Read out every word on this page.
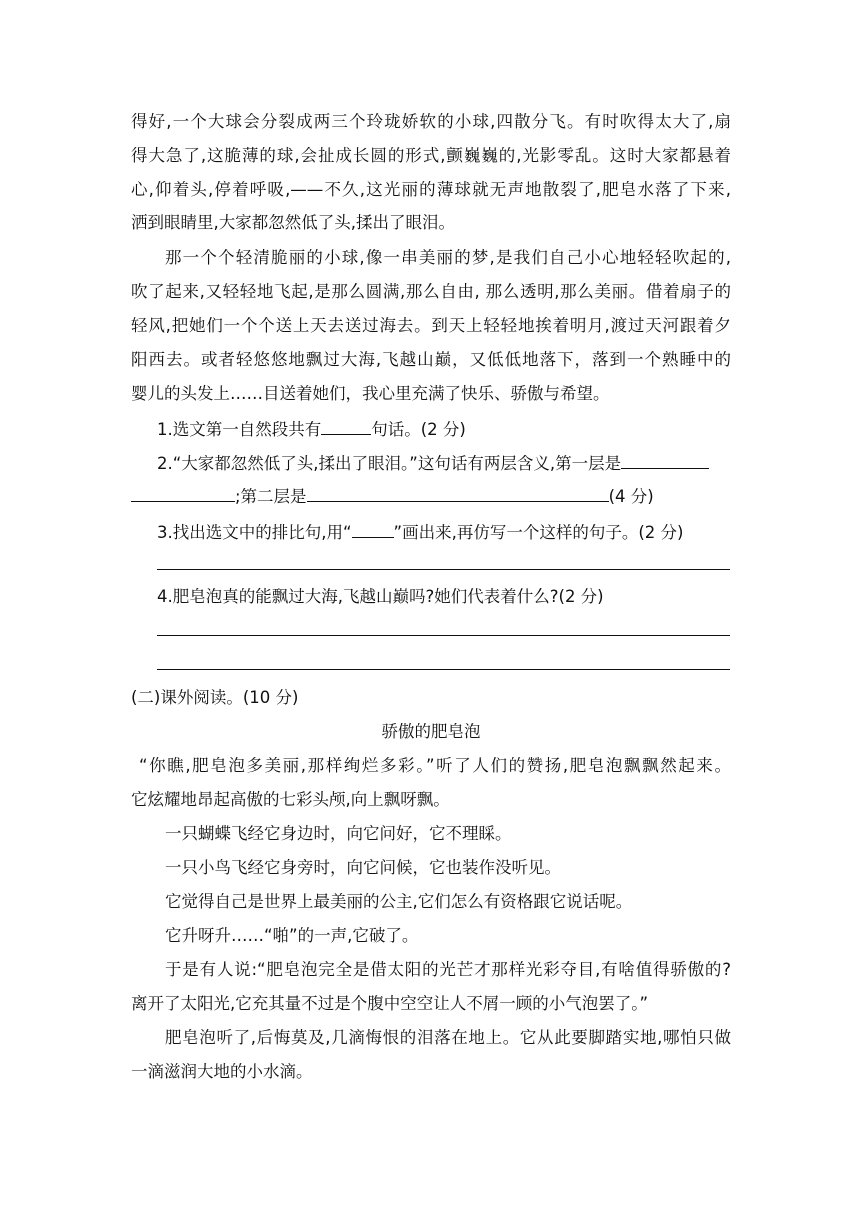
得好,一个大球会分裂成两三个玲珑娇软的小球,四散分飞。有时吹得太大了,扇
得大急了,这脆薄的球,会扯成长圆的形式,颤巍巍的,光影零乱。这时大家都悬着
心,仰着头,停着呼吸,——不久,这光丽的薄球就无声地散裂了,肥皂水落了下来,
洒到眼睛里,大家都忽然低了头,揉出了眼泪。
那一个个轻清脆丽的小球,像一串美丽的梦,是我们自己小心地轻轻吹起的,
吹了起来,又轻轻地飞起,是那么圆满,那么自由, 那么透明,那么美丽。借着扇子的
轻风,把她们一个个送上天去送过海去。到天上轻轻地挨着明月,渡过天河跟着夕
阳西去。或者轻悠悠地飘过大海,飞越山巅，又低低地落下，落到一个熟睡中的
婴儿的头发上……目送着她们，我心里充满了快乐、骄傲与希望。
1.选文第一自然段共有	句话。(2 分)
2.“大家都忽然低了头,揉出了眼泪。”这句话有两层含义,第一层是
;第二层是	(4 分)
3.找出选文中的排比句,用“	”画出来,再仿写一个这样的句子。(2 分)
4.肥皂泡真的能飘过大海,飞越山巅吗?她们代表着什么?(2 分)
(二)课外阅读。(10 分)
骄傲的肥皂泡
“你瞧,肥皂泡多美丽,那样绚烂多彩。”听了人们的赞扬,肥皂泡飘飘然起来。
它炫耀地昂起高傲的七彩头颅,向上飘呀飘。
一只蝴蝶飞经它身边时，向它问好，它不理睬。
一只小鸟飞经它身旁时，向它问候，它也装作没听见。
它觉得自己是世界上最美丽的公主,它们怎么有资格跟它说话呢。
它升呀升……“啪”的一声,它破了。
于是有人说:“肥皂泡完全是借太阳的光芒才那样光彩夺目,有啥值得骄傲的?
离开了太阳光,它充其量不过是个腹中空空让人不屑一顾的小气泡罢了。”
肥皂泡听了,后悔莫及,几滴悔恨的泪落在地上。它从此要脚踏实地,哪怕只做
一滴滋润大地的小水滴。
